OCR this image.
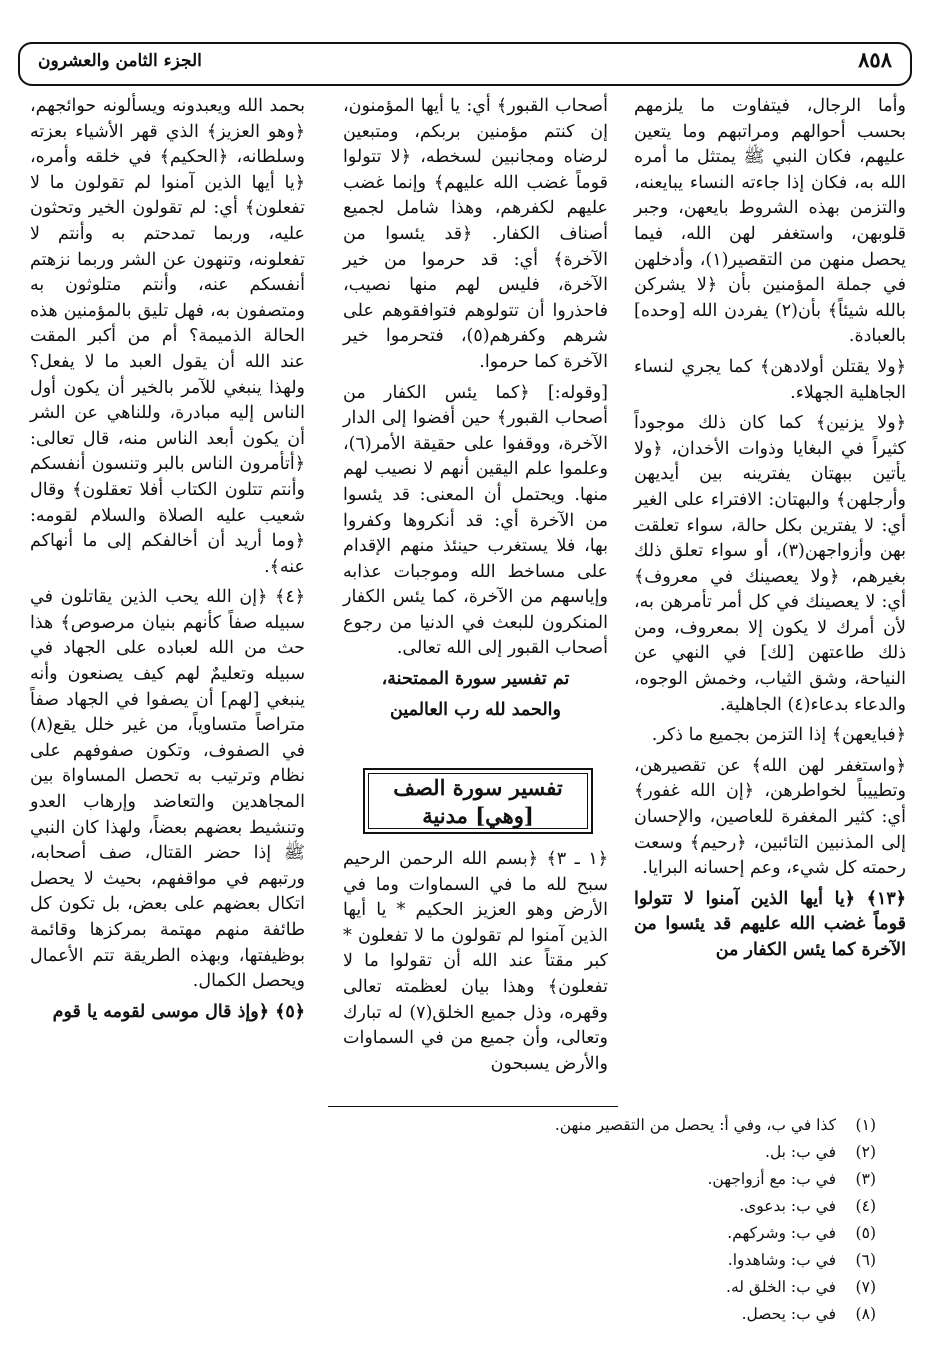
٨٥٨
الجزء الثامن والعشرون

وأما الرجال، فيتفاوت ما يلزمهم بحسب أحوالهم ومراتبهم وما يتعين عليهم، فكان النبي ﷺ يمتثل ما أمره الله به، فكان إذا جاءته النساء يبايعنه، والتزمن بهذه الشروط بايعهن، وجبر قلوبهن، واستغفر لهن الله، فيما يحصل منهن من التقصير(١)، وأدخلهن في جملة المؤمنين بأن ﴿لا يشركن بالله شيئاً﴾ بأن(٢) يفردن الله [وحده] بالعبادة.

﴿ولا يقتلن أولادهن﴾ كما يجري لنساء الجاهلية الجهلاء.

﴿ولا يزنين﴾ كما كان ذلك موجوداً كثيراً في البغايا وذوات الأخدان، ﴿ولا يأتين ببهتان يفترينه بين أيديهن وأرجلهن﴾ والبهتان: الافتراء على الغير أي: لا يفترين بكل حالة، سواء تعلقت بهن وأزواجهن(٣)، أو سواء تعلق ذلك بغيرهم، ﴿ولا يعصينك في معروف﴾ أي: لا يعصينك في كل أمر تأمرهن به، لأن أمرك لا يكون إلا بمعروف، ومن ذلك طاعتهن [لك] في النهي عن النياحة، وشق الثياب، وخمش الوجوه، والدعاء بدعاء(٤) الجاهلية.

﴿فبايعهن﴾ إذا التزمن بجميع ما ذكر.

﴿واستغفر لهن الله﴾ عن تقصيرهن، وتطييباً لخواطرهن، ﴿إن الله غفور﴾ أي: كثير المغفرة للعاصين، والإحسان إلى المذنبين التائبين، ﴿رحيم﴾ وسعت رحمته كل شيء، وعم إحسانه البرايا.

﴿١٣﴾ ﴿يا أيها الذين آمنوا لا تتولوا قوماً غضب الله عليهم قد يئسوا من الآخرة كما يئس الكفار من

أصحاب القبور﴾ أي: يا أيها المؤمنون، إن كنتم مؤمنين بربكم، ومتبعين لرضاه ومجانبين لسخطه، ﴿لا تتولوا قوماً غضب الله عليهم﴾ وإنما غضب عليهم لكفرهم، وهذا شامل لجميع أصناف الكفار. ﴿قد يئسوا من الآخرة﴾ أي: قد حرموا من خير الآخرة، فليس لهم منها نصيب، فاحذروا أن تتولوهم فتوافقوهم على شرهم وكفرهم(٥)، فتحرموا خير الآخرة كما حرموا.

[وقوله:] ﴿كما يئس الكفار من أصحاب القبور﴾ حين أفضوا إلى الدار الآخرة، ووقفوا على حقيقة الأمر(٦)، وعلموا علم اليقين أنهم لا نصيب لهم منها. ويحتمل أن المعنى: قد يئسوا من الآخرة أي: قد أنكروها وكفروا بها، فلا يستغرب حينئذ منهم الإقدام على مساخط الله وموجبات عذابه وإياسهم من الآخرة، كما يئس الكفار المنكرون للبعث في الدنيا من رجوع أصحاب القبور إلى الله تعالى.

تم تفسير سورة الممتحنة،

والحمد لله رب العالمين

تفسير سورة الصف
[وهي] مدنية

﴿١ ـ ٣﴾ ﴿بسم الله الرحمن الرحيم سبح لله ما في السماوات وما في الأرض وهو العزيز الحكيم * يا أيها الذين آمنوا لم تقولون ما لا تفعلون * كبر مقتاً عند الله أن تقولوا ما لا تفعلون﴾ وهذا بيان لعظمته تعالى وقهره، وذل جميع الخلق(٧) له تبارك وتعالى، وأن جميع من في السماوات والأرض يسبحون

بحمد الله ويعبدونه ويسألونه حوائجهم، ﴿وهو العزيز﴾ الذي قهر الأشياء بعزته وسلطانه، ﴿الحكيم﴾ في خلقه وأمره، ﴿يا أيها الذين آمنوا لم تقولون ما لا تفعلون﴾ أي: لم تقولون الخير وتحثون عليه، وربما تمدحتم به وأنتم لا تفعلونه، وتنهون عن الشر وربما نزهتم أنفسكم عنه، وأنتم متلوثون به ومتصفون به، فهل تليق بالمؤمنين هذه الحالة الذميمة؟ أم من أكبر المقت عند الله أن يقول العبد ما لا يفعل؟ ولهذا ينبغي للآمر بالخير أن يكون أول الناس إليه مبادرة، وللناهي عن الشر أن يكون أبعد الناس منه، قال تعالى: ﴿أتأمرون الناس بالبر وتنسون أنفسكم وأنتم تتلون الكتاب أفلا تعقلون﴾ وقال شعيب عليه الصلاة والسلام لقومه: ﴿وما أريد أن أخالفكم إلى ما أنهاكم عنه﴾.

﴿٤﴾ ﴿إن الله يحب الذين يقاتلون في سبيله صفاً كأنهم بنيان مرصوص﴾ هذا حث من الله لعباده على الجهاد في سبيله وتعليمٌ لهم كيف يصنعون وأنه ينبغي [لهم] أن يصفوا في الجهاد صفاً متراصاً متساوياً، من غير خلل يقع(٨) في الصفوف، وتكون صفوفهم على نظام وترتيب به تحصل المساواة بين المجاهدين والتعاضد وإرهاب العدو وتنشيط بعضهم بعضاً، ولهذا كان النبي ﷺ إذا حضر القتال، صف أصحابه، ورتبهم في مواقفهم، بحيث لا يحصل اتكال بعضهم على بعض، بل تكون كل طائفة منهم مهتمة بمركزها وقائمة بوظيفتها، وبهذه الطريقة تتم الأعمال ويحصل الكمال.

﴿٥﴾ ﴿وإذ قال موسى لقومه يا قوم

(١)
كذا في ب، وفي أ: يحصل من التقصير منهن.
(٢)
في ب: بل.
(٣)
في ب: مع أزواجهن.
(٤)
في ب: بدعوى.
(٥)
في ب: وشركهم.
(٦)
في ب: وشاهدوا.
(٧)
في ب: الخلق له.
(٨)
في ب: يحصل.
